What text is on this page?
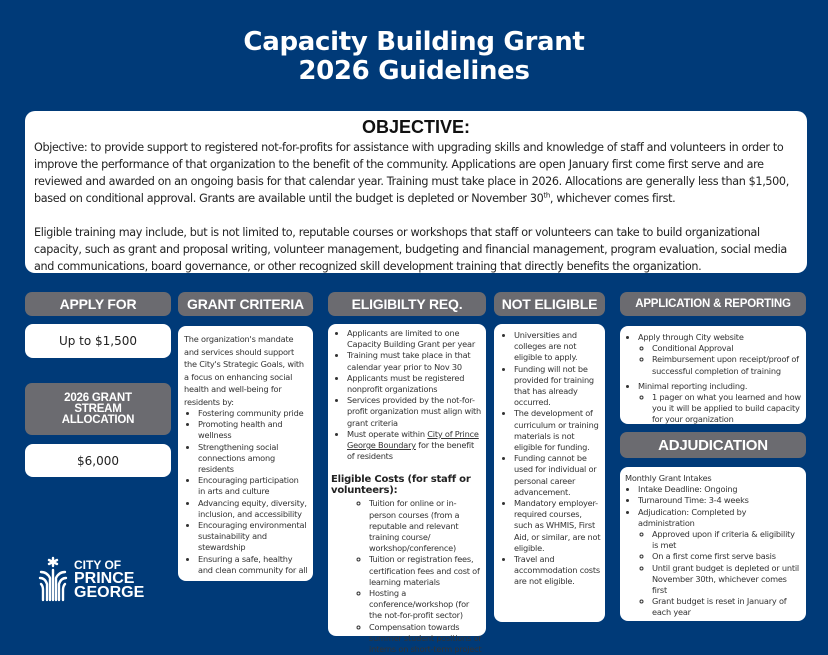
Capacity Building Grant
2026 Guidelines
OBJECTIVE:

Objective: to provide support to registered not-for-profits for assistance with upgrading skills and knowledge of staff and volunteers in order to improve the performance of that organization to the benefit of the community. Applications are open January first come first serve and are reviewed and awarded on an ongoing basis for that calendar year. Training must take place in 2026. Allocations are generally less than $1,500, based on conditional approval. Grants are available until the budget is depleted or November 30th, whichever comes first.

Eligible training may include, but is not limited to, reputable courses or workshops that staff or volunteers can take to build organizational capacity, such as grant and proposal writing, volunteer management, budgeting and financial management, program evaluation, social media and communications, board governance, or other recognized skill development training that directly benefits the organization.

APPLY FOR
Up to $1,500
2026 GRANT
STREAM
ALLOCATION
$6,000
GRANT CRITERIA
The organization's mandate and services should support the City's Strategic Goals, with a focus on enhancing social health and well-being for residents by:
• Fostering community pride
• Promoting health and wellness
• Strengthening social connections among residents
• Encouraging participation in arts and culture
• Advancing equity, diversity, inclusion, and accessibility
• Encouraging environmental sustainability and stewardship
• Ensuring a safe, healthy and clean community for all
ELIGIBILTY REQ.
• Applicants are limited to one Capacity Building Grant per year
• Training must take place in that calendar year prior to Nov 30
• Applicants must be registered nonprofit organizations
• Services provided by the not-for-profit organization must align with grant criteria
• Must operate within City of Prince George Boundary for the benefit of residents
Eligible Costs (for staff or volunteers):
◦ Tuition for online or in-person courses (from a reputable and relevant training course/ workshop/conference)
◦ Tuition or registration fees, certification fees and cost of learning materials
◦ Hosting a conference/workshop (for the not-for-profit sector)
◦ Compensation towards summer student positions or interns on short-term project
NOT ELIGIBLE
• Universities and colleges are not eligible to apply.
• Funding will not be provided for training that has already occurred.
• The development of curriculum or training materials is not eligible for funding.
• Funding cannot be used for individual or personal career advancement.
• Mandatory employer-required courses, such as WHMIS, First Aid, or similar, are not eligible.
• Travel and accommodation costs are not eligible.
APPLICATION & REPORTING
• Apply through City website
◦ Conditional Approval
◦ Reimbursement upon receipt/proof of successful completion of training
• Minimal reporting including.
◦ 1 pager on what you learned and how you it will be applied to build capacity for your organization
ADJUDICATION
Monthly Grant Intakes
• Intake Deadline: Ongoing
• Turnaround Time: 3-4 weeks
• Adjudication: Completed by administration
◦ Approved upon if criteria & eligibility is met
◦ On a first come first serve basis
◦ Until grant budget is depleted or until November 30th, whichever comes first
◦ Grant budget is reset in January of each year
CITY OF
PRINCE
GEORGE
